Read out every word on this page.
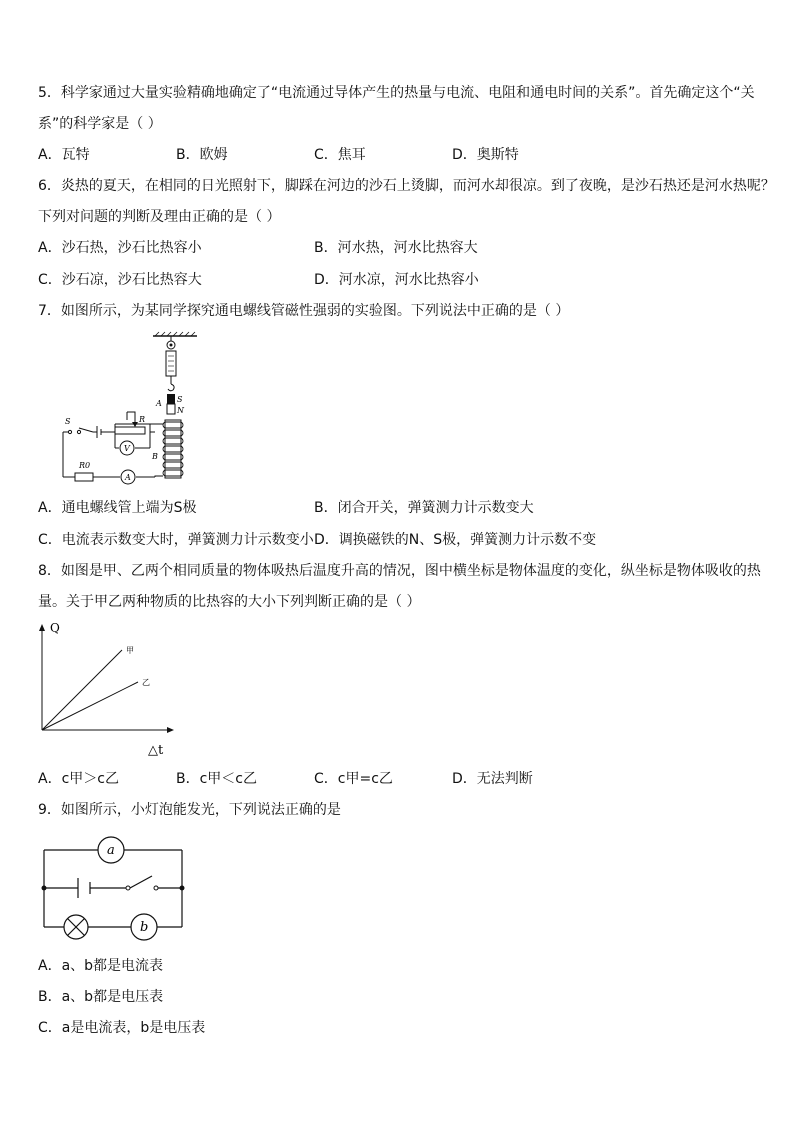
5．科学家通过大量实验精确地确定了“电流通过导体产生的热量与电流、电阻和通电时间的关系”。首先确定这个“关
系”的科学家是（ ）
A．瓦特	B．欧姆	C．焦耳	D．奥斯特
6．炎热的夏天，在相同的日光照射下，脚踩在河边的沙石上烫脚，而河水却很凉。到了夜晚，是沙石热还是河水热呢？
下列对问题的判断及理由正确的是（ ）
A．沙石热，沙石比热容小	B．河水热，河水比热容大
C．沙石凉，沙石比热容大	D．河水凉，河水比热容小
7．如图所示，为某同学探究通电螺线管磁性强弱的实验图。下列说法中正确的是（ ）
A S
N
B
S	R
V
R0
A
A．通电螺线管上端为S极	B．闭合开关，弹簧测力计示数变大
C．电流表示数变大时，弹簧测力计示数变小 D．调换磁铁的N、S极，弹簧测力计示数不变
8．如图是甲、乙两个相同质量的物体吸热后温度升高的情况，图中横坐标是物体温度的变化，纵坐标是物体吸收的热
量。关于甲乙两种物质的比热容的大小下列判断正确的是（ ）
Q
△t
甲
乙
A．c甲＞c乙	B．c甲＜c乙	C．c甲=c乙	D．无法判断
9．如图所示，小灯泡能发光，下列说法正确的是
a
b
A．a、b都是电流表
B．a、b都是电压表
C．a是电流表，b是电压表
